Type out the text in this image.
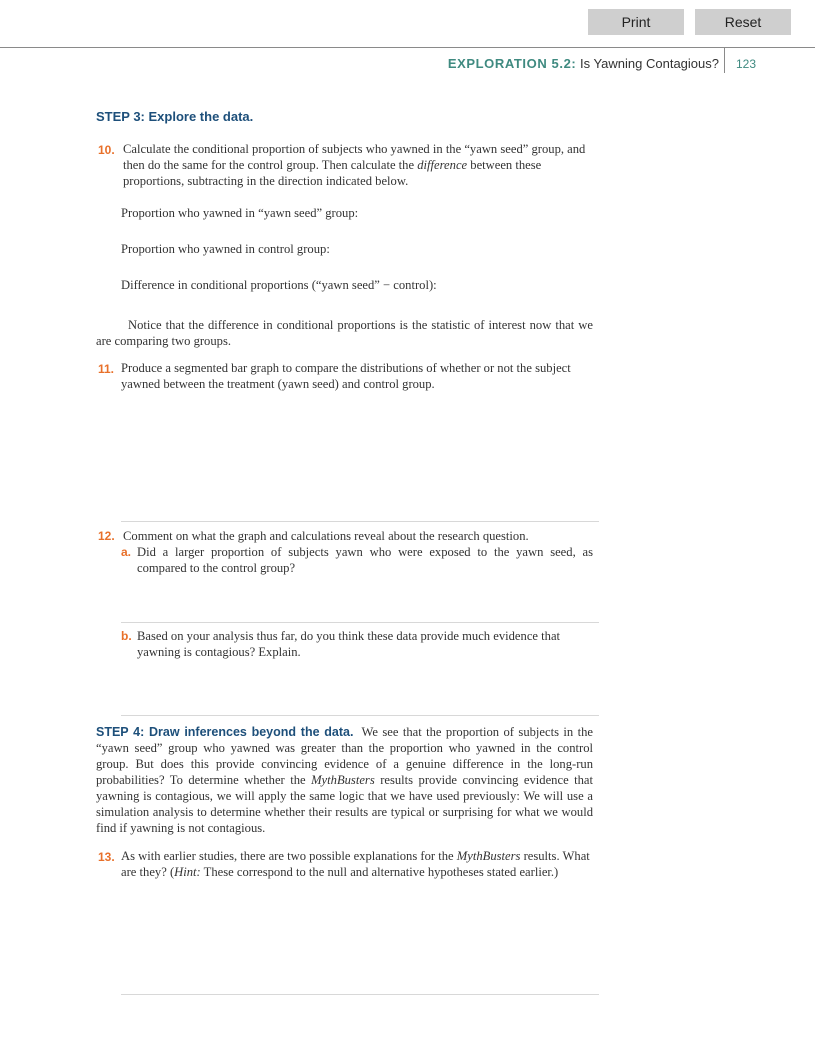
Print	Reset
EXPLORATION 5.2: Is Yawning Contagious? 123
STEP 3: Explore the data.
10. Calculate the conditional proportion of subjects who yawned in the “yawn seed” group, and then do the same for the control group. Then calculate the difference between these proportions, subtracting in the direction indicated below.
Proportion who yawned in “yawn seed” group:
Proportion who yawned in control group:
Difference in conditional proportions (“yawn seed” − control):
Notice that the difference in conditional proportions is the statistic of interest now that we are comparing two groups.
11. Produce a segmented bar graph to compare the distributions of whether or not the subject yawned between the treatment (yawn seed) and control group.
12. Comment on what the graph and calculations reveal about the research question.
a. Did a larger proportion of subjects yawn who were exposed to the yawn seed, as compared to the control group?
b. Based on your analysis thus far, do you think these data provide much evidence that yawning is contagious? Explain.
STEP 4: Draw inferences beyond the data. We see that the proportion of subjects in the “yawn seed” group who yawned was greater than the proportion who yawned in the control group. But does this provide convincing evidence of a genuine difference in the long-run probabilities? To determine whether the MythBusters results provide convincing evidence that yawning is contagious, we will apply the same logic that we have used previously: We will use a simulation analysis to determine whether their results are typical or surprising for what we would find if yawning is not contagious.
13. As with earlier studies, there are two possible explanations for the MythBusters results. What are they? (Hint: These correspond to the null and alternative hypotheses stated earlier.)
